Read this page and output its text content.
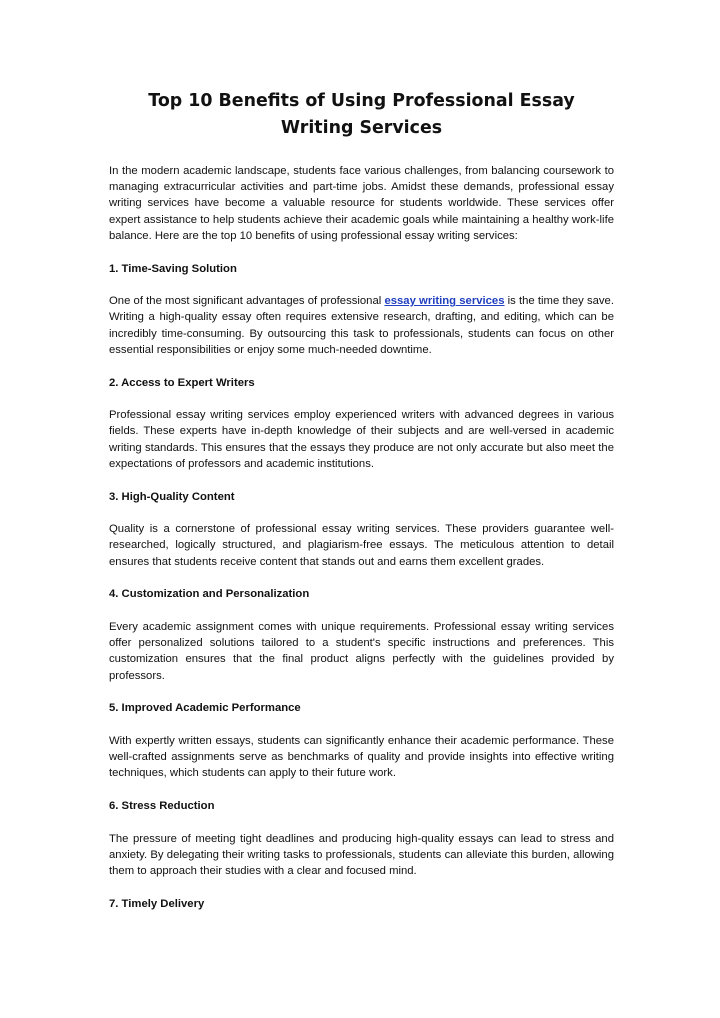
Top 10 Benefits of Using Professional Essay Writing Services

In the modern academic landscape, students face various challenges, from balancing coursework to managing extracurricular activities and part-time jobs. Amidst these demands, professional essay writing services have become a valuable resource for students worldwide. These services offer expert assistance to help students achieve their academic goals while maintaining a healthy work-life balance. Here are the top 10 benefits of using professional essay writing services:

1. Time-Saving Solution

One of the most significant advantages of professional essay writing services is the time they save. Writing a high-quality essay often requires extensive research, drafting, and editing, which can be incredibly time-consuming. By outsourcing this task to professionals, students can focus on other essential responsibilities or enjoy some much-needed downtime.

2. Access to Expert Writers

Professional essay writing services employ experienced writers with advanced degrees in various fields. These experts have in-depth knowledge of their subjects and are well-versed in academic writing standards. This ensures that the essays they produce are not only accurate but also meet the expectations of professors and academic institutions.

3. High-Quality Content

Quality is a cornerstone of professional essay writing services. These providers guarantee well-researched, logically structured, and plagiarism-free essays. The meticulous attention to detail ensures that students receive content that stands out and earns them excellent grades.

4. Customization and Personalization

Every academic assignment comes with unique requirements. Professional essay writing services offer personalized solutions tailored to a student's specific instructions and preferences. This customization ensures that the final product aligns perfectly with the guidelines provided by professors.

5. Improved Academic Performance

With expertly written essays, students can significantly enhance their academic performance. These well-crafted assignments serve as benchmarks of quality and provide insights into effective writing techniques, which students can apply to their future work.

6. Stress Reduction

The pressure of meeting tight deadlines and producing high-quality essays can lead to stress and anxiety. By delegating their writing tasks to professionals, students can alleviate this burden, allowing them to approach their studies with a clear and focused mind.

7. Timely Delivery
